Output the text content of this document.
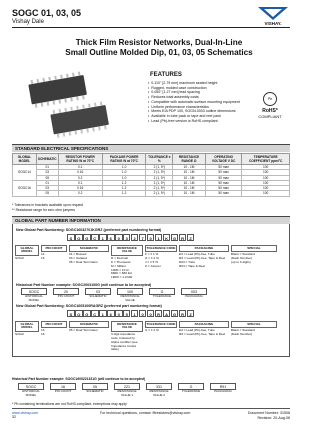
SOGC 01, 03, 05
Vishay Dale	VISHAY.
Thick Film Resistor Networks, Dual-In-Line
Small Outline Molded Dip, 01, 03, 05 Schematics
FEATURES
• 0.110" [2.79 mm] maximum seated height
• Rugged, molded case construction
• 0.050" [1.27 mm] lead spacing
• Reduces total assembly costs
• Compatible with automatic surface mounting equipment
• Uniform performance characteristics
• Meets EIA PDP 100, SOGN-0003 outline dimensions
• Available in tube pack or tape and reel pack
• Lead (Pb)-free version is RoHS compliant
Pb
RoHS*
COMPLIANT
STANDARD ELECTRICAL SPECIFICATIONS
GLOBAL MODEL	SCHEMATIC	RESISTOR POWER RATING W at 70°C	PACKAGE POWER RATING W at 70°C	TOLERANCE ± %	RESISTANCE RANGE Ω	OPERATING VOLTAGE V DC	TEMPERATURE COEFFICIENT ppm/°C
SOGC14	01	0.1	1.0	2 (1, 5*)	10 - 1M	50 max	100
	03	0.16	1.0	2 (1, 5*)	10 - 1M	50 max	100
	05	0.2	1.0	2 (1, 5*)	10 - 1M	50 max	100
SOGC16	01	0.1	1.2	2 (1, 5*)	10 - 1M	50 max	100
	03	0.16	1.2	2 (1, 5*)	10 - 1M	50 max	100
	05	0.2	1.2	2 (1, 5*)	10 - 1M	50 max	100
* Tolerances in brackets available upon request
** Resistance range for zero ohm jumpers
GLOBAL PART NUMBER INFORMATION
New Global Part Numbering: SOGC16032701KGRZ (preferred part numbering format)
S	O	G	C	1	6	0	3	2	7	0	1	K	G	R	Z
GLOBAL MODEL
SOGC
PIN COUNT
14
16
SCHEMATIC
01 = Bussed
03 = Isolated
05 = Dual Terminator
RESISTANCE VALUE
R = Decimal
K = Thousand
M = Million
10R0 = 10 Ω
680K = 680 kΩ
1M00 = 1.0 MΩ
TOLERANCE CODE
F = ± 1 %
G = ± 2 %
J = ± 5 %
Z = Jumper
PACKAGING
E3 = Lead (Pb)-free, Tube
RZ = Lead (Pb)-free, Tape & Reel
D04 = Tube
R04 = Tape & Reel
SPECIAL
Blank = Standard
(Dash Number)
(up to 3 digits)
Historical Part Number example: SOGC2003100G (will continue to be accepted)
SOGC
HISTORICAL MODEL
20
PIN COUNT
03
SCHEMATIC
100
RESISTANCE VALUE
G
TOLERANCE
003
PACKAGING
New Global Part Numbering: SOGC1605100RAGRZ (preferred part numbering format)
S	O	G	C	1	6	0	5	1	0	0	R	A	G	R	Z
GLOBAL MODEL
SOGC
PIN COUNT
14
16
SCHEMATIC
05 = Dual Terminator
RESISTANCE VALUE
3 digit impedance code, followed by Alpha modifier (see Impedance Codes table)
TOLERANCE CODE
G = ± 2 %
PACKAGING
E3 = Lead (Pb)-free, Tube
RZ = Lead (Pb)-free, Tape & Reel
SPECIAL
Blank = Standard
(Dash Number)
Historical Part Number example: SOGC1605221331G (will continue to be accepted)
SOGC
HISTORICAL MODEL
16
PIN COUNT
05
SCHEMATIC
221
RESISTANCE VALUE 1
331
RESISTANCE VALUE 2
G
TOLERANCE
R91
PACKAGING
* Pb containing terminations are not RoHS compliant, exemptions may apply
www.vishay.com
32
For technical questions, contact: fftresistors@vishay.com	Document Number: 31508
Revision: 20-Aug-06
